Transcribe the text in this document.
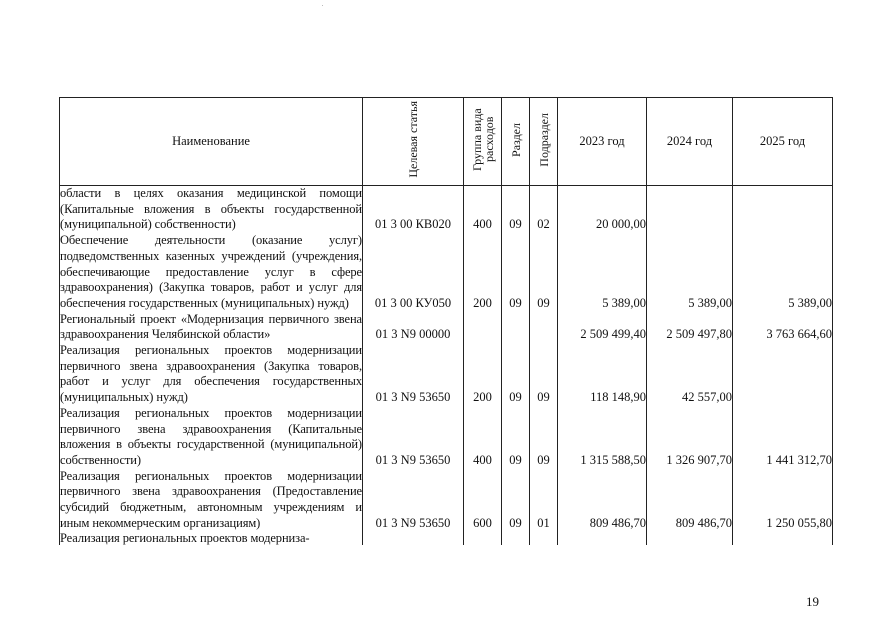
Наименование	Целевая статья	Группа вида расходов	Раздел	Подраздел	2023 год	2024 год	2025 год
области в целях оказания медицинской помощи (Капитальные вложения в объекты государственной (муниципальной) собственности)	01 3 00 КВ020	400	09	02	20 000,00		
Обеспечение деятельности (оказание услуг) подведомственных казенных учреждений (учреждения, обеспечивающие предоставление услуг в сфере здравоохранения) (Закупка товаров, работ и услуг для обеспечения государственных (муниципальных) нужд)	01 3 00 КУ050	200	09	09	5 389,00	5 389,00	5 389,00
Региональный проект «Модернизация первичного звена здравоохранения Челябинской области»	01 3 N9 00000				2 509 499,40	2 509 497,80	3 763 664,60
Реализация региональных проектов модернизации первичного звена здравоохранения (Закупка товаров, работ и услуг для обеспечения государственных (муниципальных) нужд)	01 3 N9 53650	200	09	09	118 148,90	42 557,00	
Реализация региональных проектов модернизации первичного звена здравоохранения (Капитальные вложения в объекты государственной (муниципальной) собственности)	01 3 N9 53650	400	09	09	1 315 588,50	1 326 907,70	1 441 312,70
Реализация региональных проектов модернизации первичного звена здравоохранения (Предоставление субсидий бюджетным, автономным учреждениям и иным некоммерческим организациям)	01 3 N9 53650	600	09	01	809 486,70	809 486,70	1 250 055,80

Реализация региональных проектов модерниза-							

19
